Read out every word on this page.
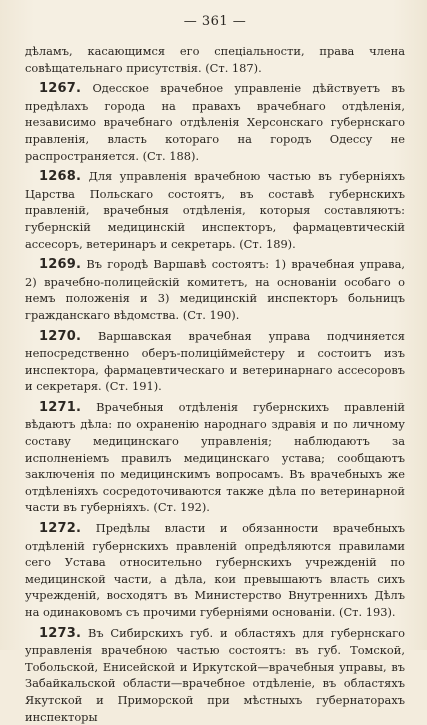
— 361 —

дѣламъ, касающимся его спеціальности, права члена совѣщательнаго присутствія. (Ст. 187).

1267. Одесское врачебное управленіе дѣйствуетъ въ предѣлахъ города на правахъ врачебнаго отдѣленія, независимо врачебнаго отдѣленія Херсонскаго губернскаго правленія, власть котораго на городъ Одессу не распространяется. (Ст. 188).

1268. Для управленія врачебною частью въ губерніяхъ Царства Польскаго состоятъ, въ составѣ губернскихъ правленій, врачебныя отдѣленія, которыя составляютъ: губернскій медицинскій инспекторъ, фармацевтическій ассесоръ, ветеринаръ и секретарь. (Ст. 189).

1269. Въ городѣ Варшавѣ состоятъ: 1) врачебная управа, 2) врачебно-полицейскій комитетъ, на основаніи особаго о немъ положенія и 3) медицинскій инспекторъ больницъ гражданскаго вѣдомства. (Ст. 190).

1270. Варшавская врачебная управа подчиняется непосредственно оберъ-полицiймейстеру и состоитъ изъ инспектора, фармацевтическаго и ветеринарнаго ассесоровъ и секретаря. (Ст. 191).

1271. Врачебныя отдѣленія губернскихъ правленій вѣдаютъ дѣла: по охраненію народнаго здравія и по личному составу медицинскаго управленія; наблюдаютъ за исполненіемъ правилъ медицинскаго устава; сообщаютъ заключенія по медицинскимъ вопросамъ. Въ врачебныхъ же отдѣленіяхъ сосредоточиваются также дѣла по ветеринарной части въ губерніяхъ. (Ст. 192).

1272. Предѣлы власти и обязанности врачебныхъ отдѣленій губернскихъ правленій опредѣляются правилами сего Устава относительно губернскихъ учрежденій по медицинской части, а дѣла, кои превышаютъ власть сихъ учрежденій, восходятъ въ Министерство Внутреннихъ Дѣлъ на одинаковомъ съ прочими губерніями основаніи. (Ст. 193).

1273. Въ Сибирскихъ губ. и областяхъ для губернскаго управленія врачебною частью состоятъ: въ губ. Томской, Тобольской, Енисейской и Иркутской—врачебныя управы, въ Забайкальской области—врачебное отдѣленіе, въ областяхъ Якутской и Приморской при мѣстныхъ губернаторахъ инспекторы
